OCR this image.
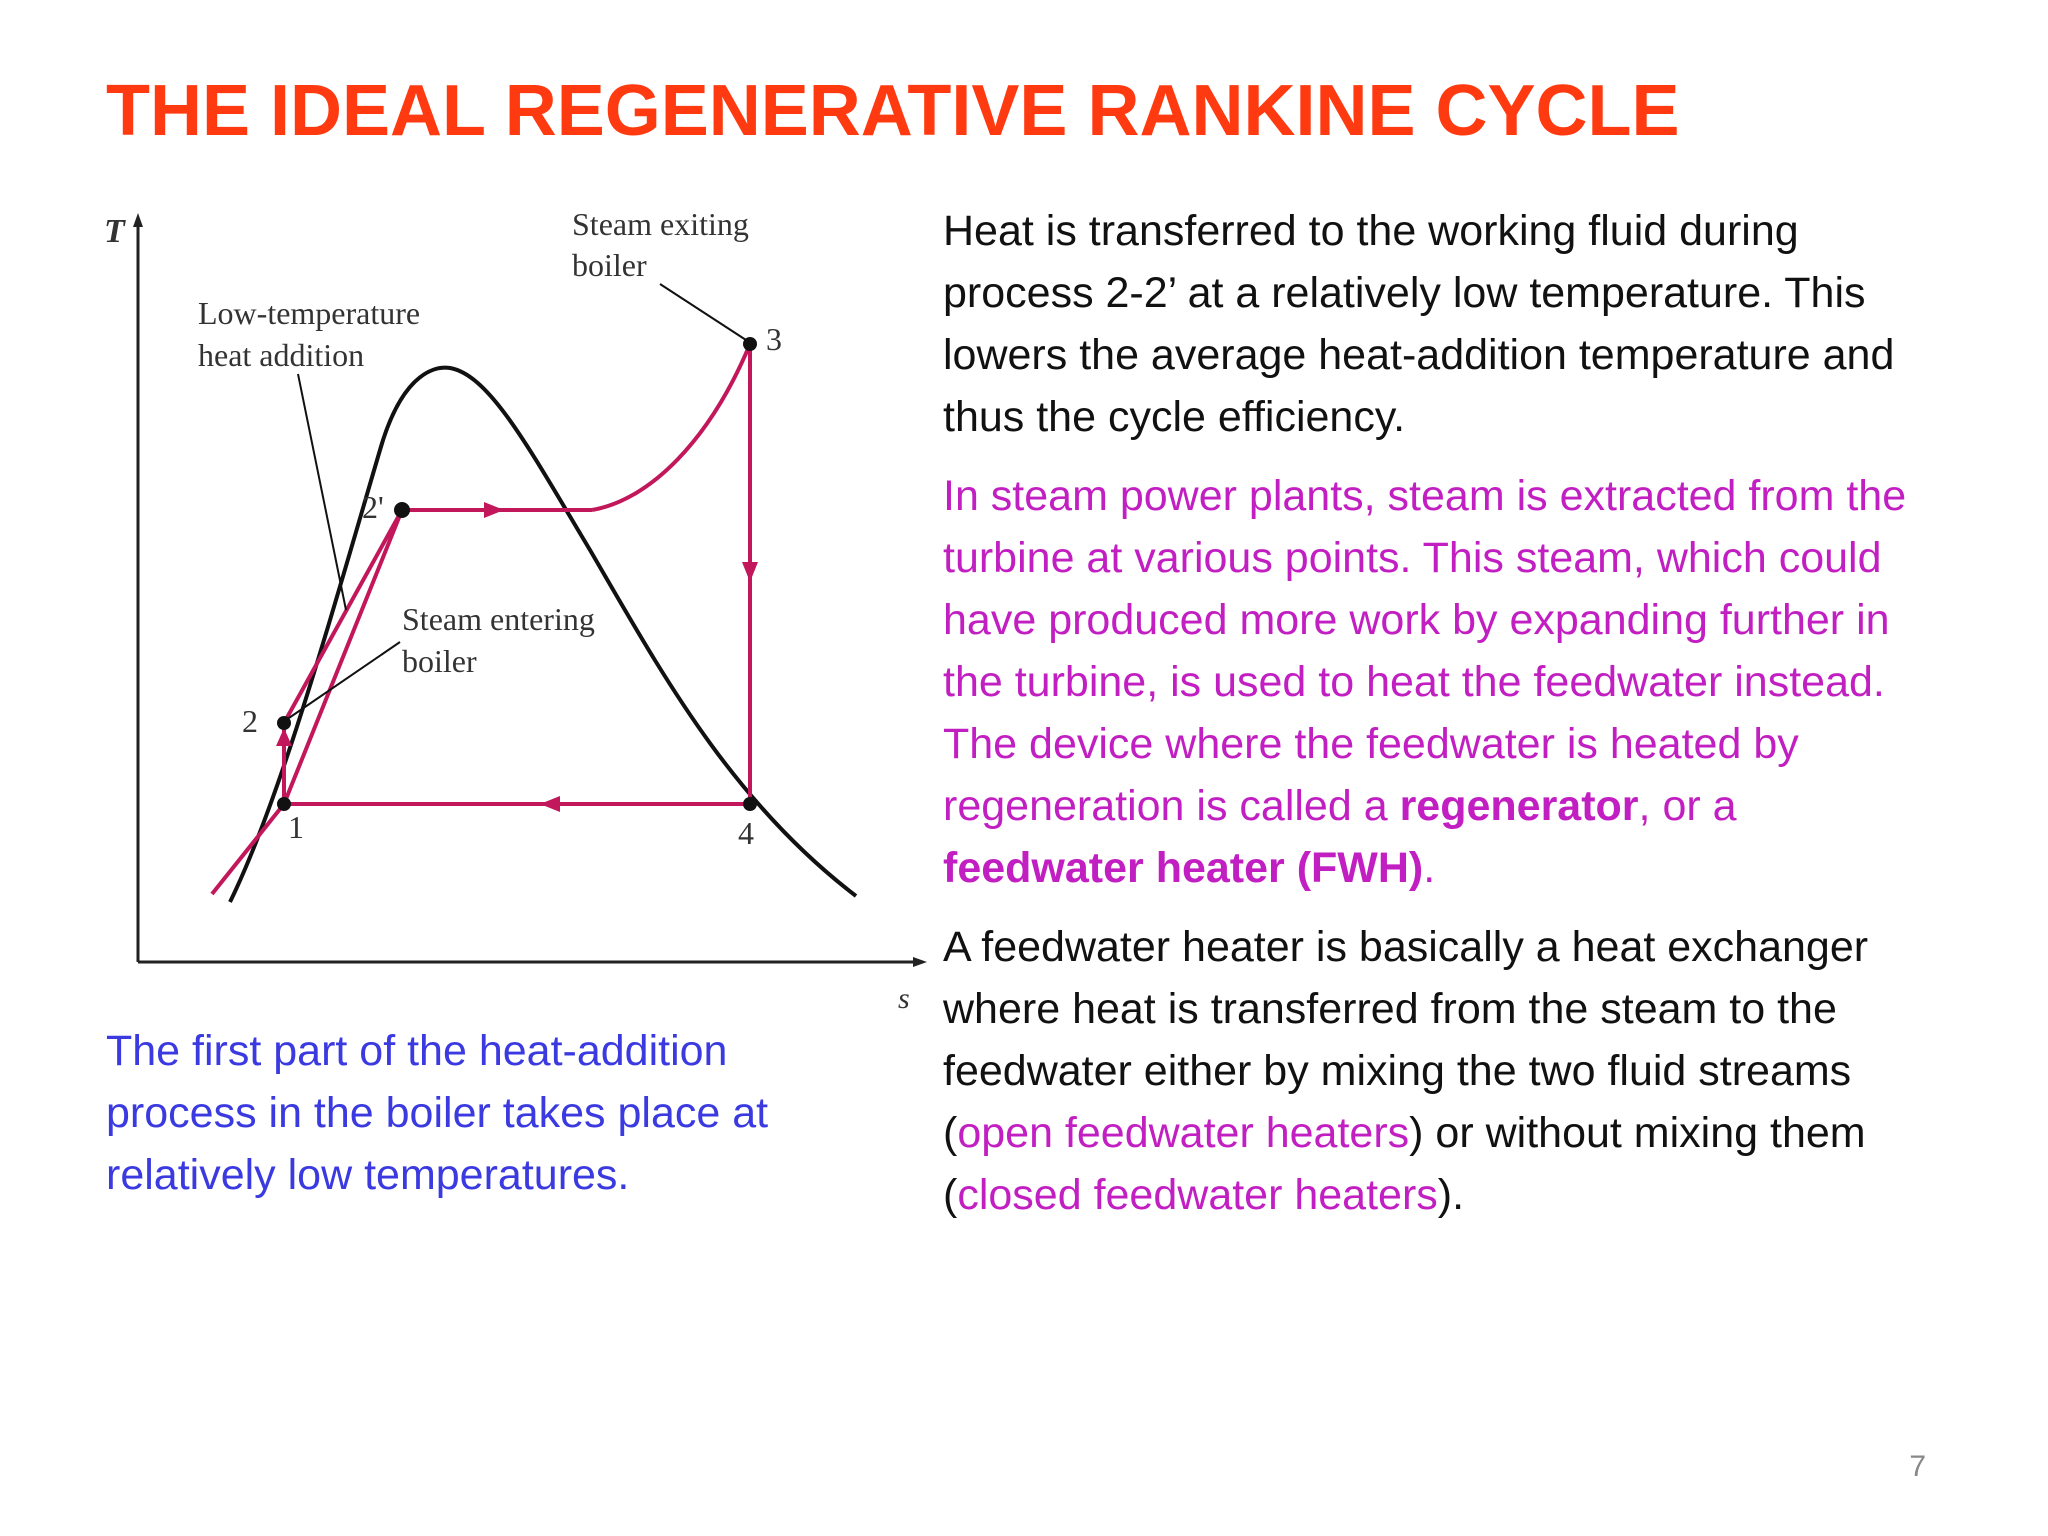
THE IDEAL REGENERATIVE RANKINE CYCLE
T
s
1
2
2'
3
4
Steam exiting
boiler
Low-temperature
heat addition
Steam entering
boiler
The first part of the heat-addition process in the boiler takes place at relatively low temperatures.

Heat is transferred to the working fluid during process 2-2’ at a relatively low temperature. This lowers the average heat-addition temperature and thus the cycle efficiency.

In steam power plants, steam is extracted from the turbine at various points. This steam, which could have produced more work by expanding further in the turbine, is used to heat the feedwater instead. The device where the feedwater is heated by regeneration is called a regenerator, or a feedwater heater (FWH).

A feedwater heater is basically a heat exchanger where heat is transferred from the steam to the feedwater either by mixing the two fluid streams (open feedwater heaters) or without mixing them (closed feedwater heaters).

7
